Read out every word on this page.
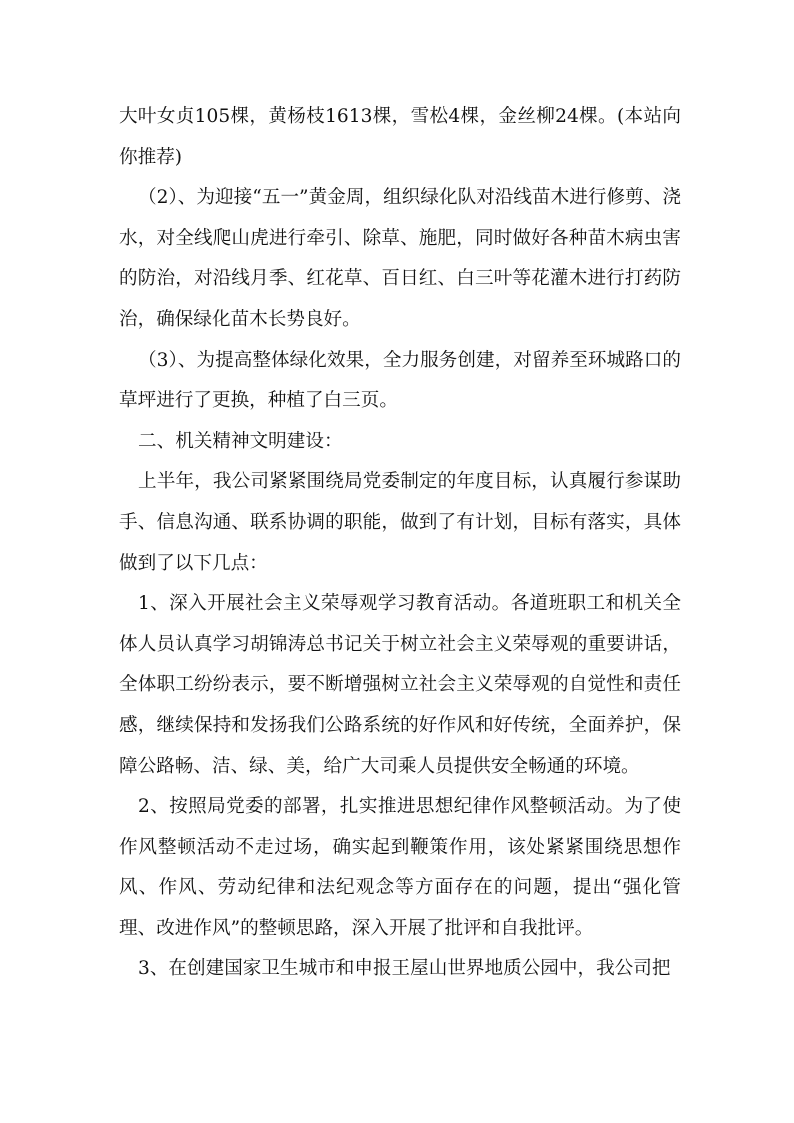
大叶女贞105棵，黄杨枝1613棵，雪松4棵，金丝柳24棵。(本站向你推荐)

（2）、为迎接“五一”黄金周，组织绿化队对沿线苗木进行修剪、浇水，对全线爬山虎进行牵引、除草、施肥，同时做好各种苗木病虫害的防治，对沿线月季、红花草、百日红、白三叶等花灌木进行打药防治，确保绿化苗木长势良好。

（3）、为提高整体绿化效果，全力服务创建，对留养至环城路口的草坪进行了更换，种植了白三页。

二、机关精神文明建设：

上半年，我公司紧紧围绕局党委制定的年度目标，认真履行参谋助手、信息沟通、联系协调的职能，做到了有计划，目标有落实，具体做到了以下几点：

1、深入开展社会主义荣辱观学习教育活动。各道班职工和机关全体人员认真学习胡锦涛总书记关于树立社会主义荣辱观的重要讲话，全体职工纷纷表示，要不断增强树立社会主义荣辱观的自觉性和责任感，继续保持和发扬我们公路系统的好作风和好传统，全面养护，保障公路畅、洁、绿、美，给广大司乘人员提供安全畅通的环境。

2、按照局党委的部署，扎实推进思想纪律作风整顿活动。为了使作风整顿活动不走过场，确实起到鞭策作用，该处紧紧围绕思想作风、作风、劳动纪律和法纪观念等方面存在的问题，提出“强化管理、改进作风”的整顿思路，深入开展了批评和自我批评。

3、在创建国家卫生城市和申报王屋山世界地质公园中，我公司把
